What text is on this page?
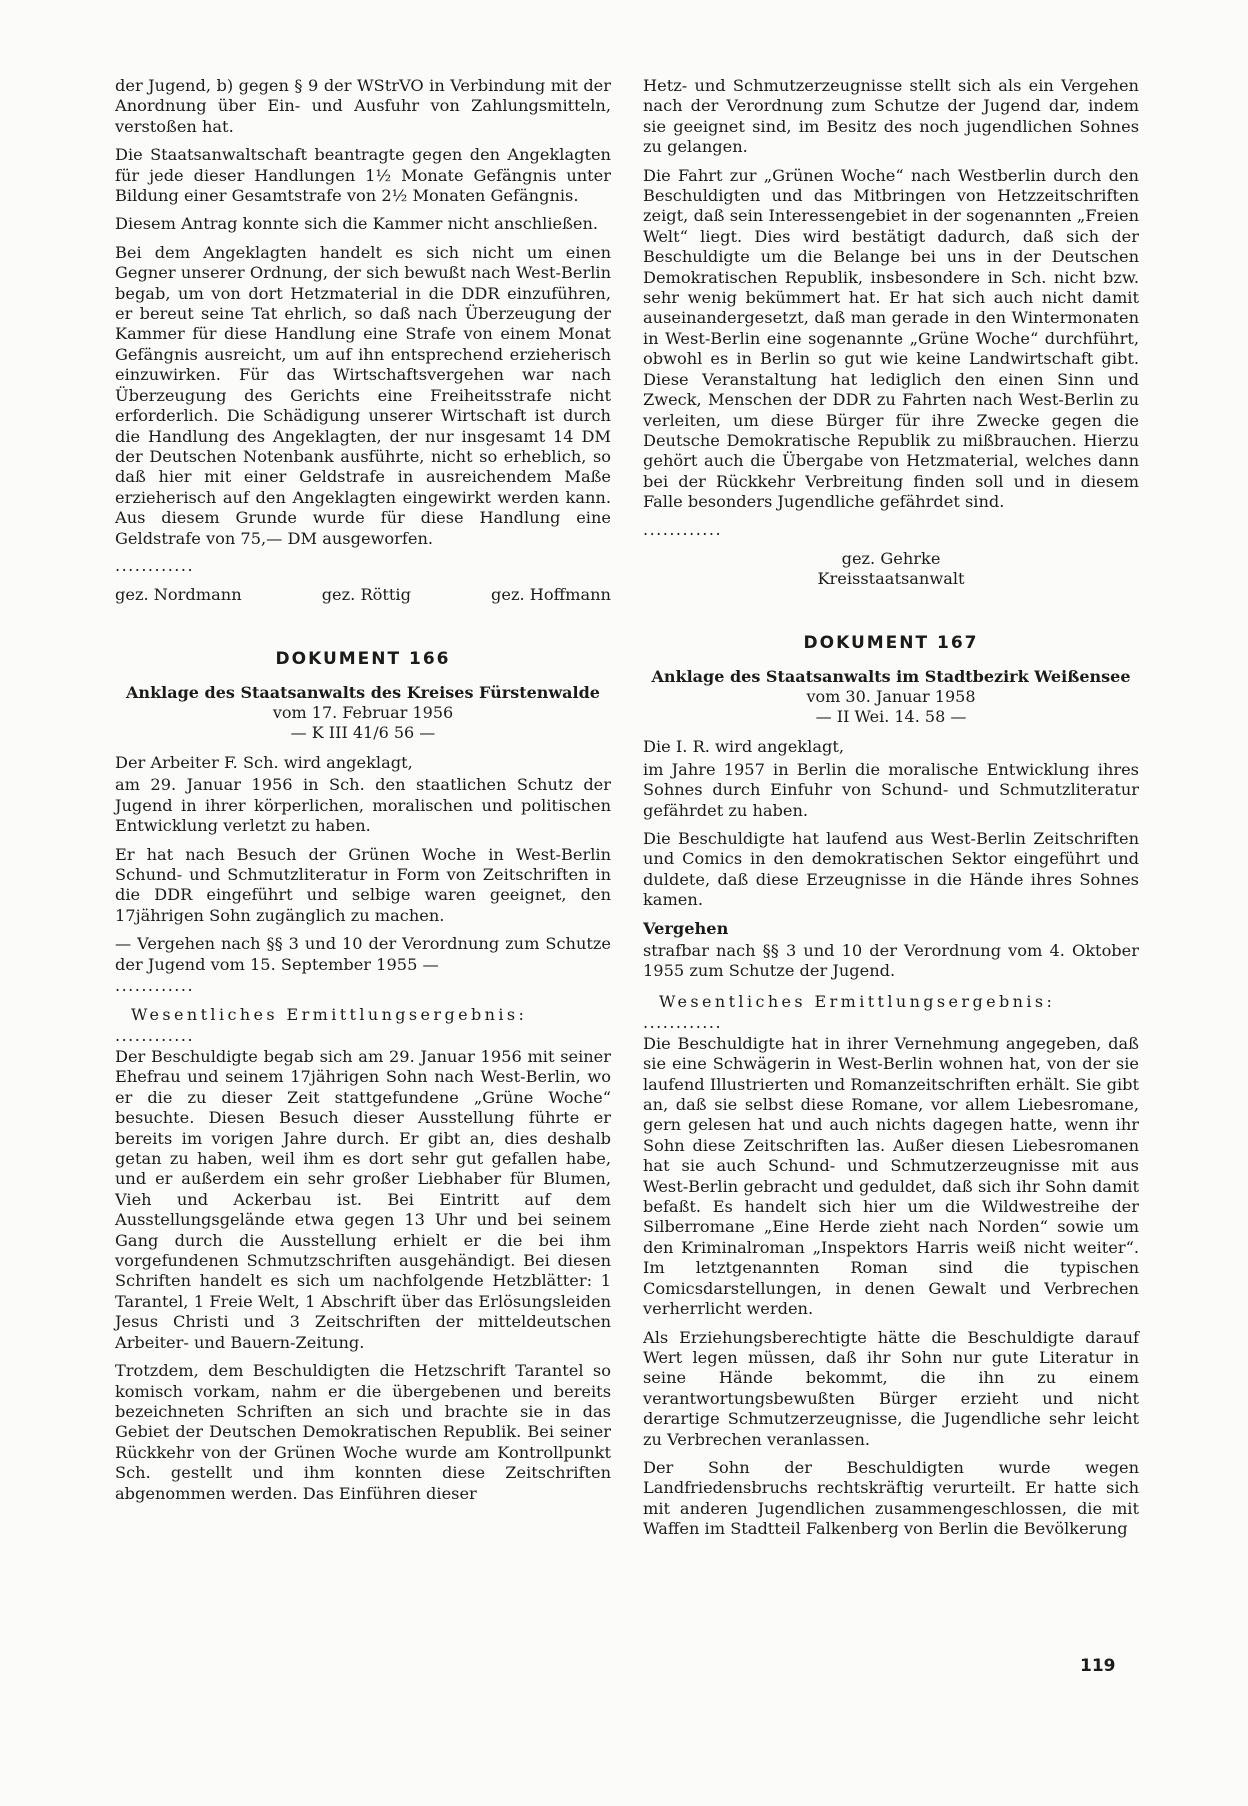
der Jugend, b) gegen § 9 der WStrVO in Verbindung mit der Anordnung über Ein- und Ausfuhr von Zahlungsmitteln, verstoßen hat.

Die Staatsanwaltschaft beantragte gegen den Angeklagten für jede dieser Handlungen 1½ Monate Gefängnis unter Bildung einer Gesamtstrafe von 2½ Monaten Gefängnis.

Diesem Antrag konnte sich die Kammer nicht anschließen.

Bei dem Angeklagten handelt es sich nicht um einen Gegner unserer Ordnung, der sich bewußt nach West-Berlin begab, um von dort Hetzmaterial in die DDR einzuführen, er bereut seine Tat ehrlich, so daß nach Überzeugung der Kammer für diese Handlung eine Strafe von einem Monat Gefängnis ausreicht, um auf ihn entsprechend erzieherisch einzuwirken. Für das Wirtschaftsvergehen war nach Überzeugung des Gerichts eine Freiheitsstrafe nicht erforderlich. Die Schädigung unserer Wirtschaft ist durch die Handlung des Angeklagten, der nur insgesamt 14 DM der Deutschen Notenbank ausführte, nicht so erheblich, so daß hier mit einer Geldstrafe in ausreichendem Maße erzieherisch auf den Angeklagten eingewirkt werden kann. Aus diesem Grunde wurde für diese Handlung eine Geldstrafe von 75,— DM ausgeworfen.

............
gez. Nordmann	gez. Röttig	gez. Hoffmann
DOKUMENT 166
Anklage des Staatsanwalts des Kreises Fürstenwalde
vom 17. Februar 1956
— K III 41/6 56 —

Der Arbeiter F. Sch. wird angeklagt,

am 29. Januar 1956 in Sch. den staatlichen Schutz der Jugend in ihrer körperlichen, moralischen und politischen Entwicklung verletzt zu haben.

Er hat nach Besuch der Grünen Woche in West-Berlin Schund- und Schmutzliteratur in Form von Zeitschriften in die DDR eingeführt und selbige waren geeignet, den 17jährigen Sohn zugänglich zu machen.

— Vergehen nach §§ 3 und 10 der Verordnung zum Schutze der Jugend vom 15. September 1955 —

............
Wesentliches Ermittlungsergebnis:
............

Der Beschuldigte begab sich am 29. Januar 1956 mit seiner Ehefrau und seinem 17jährigen Sohn nach West-Berlin, wo er die zu dieser Zeit stattgefundene „Grüne Woche“ besuchte. Diesen Besuch dieser Ausstellung führte er bereits im vorigen Jahre durch. Er gibt an, dies deshalb getan zu haben, weil ihm es dort sehr gut gefallen habe, und er außerdem ein sehr großer Liebhaber für Blumen, Vieh und Ackerbau ist. Bei Eintritt auf dem Ausstellungsgelände etwa gegen 13 Uhr und bei seinem Gang durch die Ausstellung erhielt er die bei ihm vorgefundenen Schmutzschriften ausgehändigt. Bei diesen Schriften handelt es sich um nachfolgende Hetzblätter: 1 Tarantel, 1 Freie Welt, 1 Abschrift über das Erlösungsleiden Jesus Christi und 3 Zeitschriften der mitteldeutschen Arbeiter- und Bauern-Zeitung.

Trotzdem, dem Beschuldigten die Hetzschrift Tarantel so komisch vorkam, nahm er die übergebenen und bereits bezeichneten Schriften an sich und brachte sie in das Gebiet der Deutschen Demokratischen Republik. Bei seiner Rückkehr von der Grünen Woche wurde am Kontrollpunkt Sch. gestellt und ihm konnten diese Zeitschriften abgenommen werden. Das Einführen dieser

Hetz- und Schmutzerzeugnisse stellt sich als ein Vergehen nach der Verordnung zum Schutze der Jugend dar, indem sie geeignet sind, im Besitz des noch jugendlichen Sohnes zu gelangen.

Die Fahrt zur „Grünen Woche“ nach Westberlin durch den Beschuldigten und das Mitbringen von Hetzzeitschriften zeigt, daß sein Interessengebiet in der sogenannten „Freien Welt“ liegt. Dies wird bestätigt dadurch, daß sich der Beschuldigte um die Belange bei uns in der Deutschen Demokratischen Republik, insbesondere in Sch. nicht bzw. sehr wenig bekümmert hat. Er hat sich auch nicht damit auseinandergesetzt, daß man gerade in den Wintermonaten in West-Berlin eine sogenannte „Grüne Woche“ durchführt, obwohl es in Berlin so gut wie keine Landwirtschaft gibt. Diese Veranstaltung hat lediglich den einen Sinn und Zweck, Menschen der DDR zu Fahrten nach West-Berlin zu verleiten, um diese Bürger für ihre Zwecke gegen die Deutsche Demokratische Republik zu mißbrauchen. Hierzu gehört auch die Übergabe von Hetzmaterial, welches dann bei der Rückkehr Verbreitung finden soll und in diesem Falle besonders Jugendliche gefährdet sind.

............
gez. Gehrke
Kreisstaatsanwalt
DOKUMENT 167
Anklage des Staatsanwalts im Stadtbezirk Weißensee
vom 30. Januar 1958
— II Wei. 14. 58 —

Die I. R. wird angeklagt,

im Jahre 1957 in Berlin die moralische Entwicklung ihres Sohnes durch Einfuhr von Schund- und Schmutzliteratur gefährdet zu haben.

Die Beschuldigte hat laufend aus West-Berlin Zeitschriften und Comics in den demokratischen Sektor eingeführt und duldete, daß diese Erzeugnisse in die Hände ihres Sohnes kamen.

Vergehen

strafbar nach §§ 3 und 10 der Verordnung vom 4. Oktober 1955 zum Schutze der Jugend.

Wesentliches Ermittlungsergebnis:
............

Die Beschuldigte hat in ihrer Vernehmung angegeben, daß sie eine Schwägerin in West-Berlin wohnen hat, von der sie laufend Illustrierten und Romanzeitschriften erhält. Sie gibt an, daß sie selbst diese Romane, vor allem Liebesromane, gern gelesen hat und auch nichts dagegen hatte, wenn ihr Sohn diese Zeitschriften las. Außer diesen Liebesromanen hat sie auch Schund- und Schmutzerzeugnisse mit aus West-Berlin gebracht und geduldet, daß sich ihr Sohn damit befaßt. Es handelt sich hier um die Wildwestreihe der Silberromane „Eine Herde zieht nach Norden“ sowie um den Kriminalroman „Inspektors Harris weiß nicht weiter“. Im letztgenannten Roman sind die typischen Comicsdarstellungen, in denen Gewalt und Verbrechen verherrlicht werden.

Als Erziehungsberechtigte hätte die Beschuldigte darauf Wert legen müssen, daß ihr Sohn nur gute Literatur in seine Hände bekommt, die ihn zu einem verantwortungsbewußten Bürger erzieht und nicht derartige Schmutzerzeugnisse, die Jugendliche sehr leicht zu Verbrechen veranlassen.

Der Sohn der Beschuldigten wurde wegen Landfriedensbruchs rechtskräftig verurteilt. Er hatte sich mit anderen Jugendlichen zusammengeschlossen, die mit Waffen im Stadtteil Falkenberg von Berlin die Bevölkerung

119
